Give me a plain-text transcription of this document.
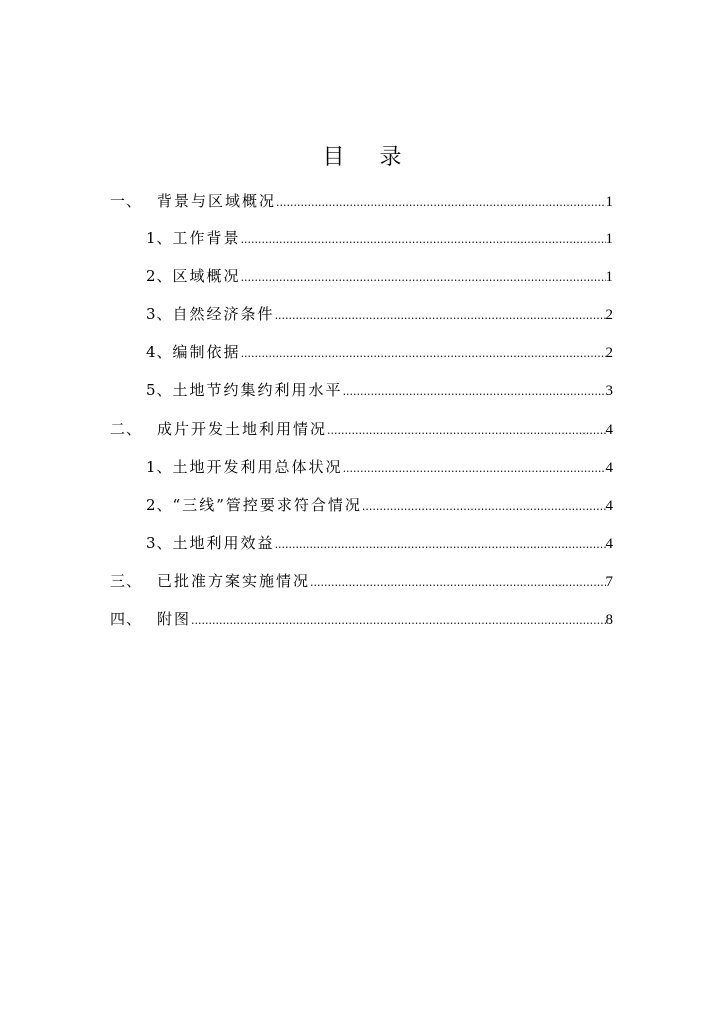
目 录
一、 背景与区域概况 .....	1
1、 工作背景 .....	1
2、 区域概况 .....	1
3、 自然经济条件 .....	2
4、 编制依据 .....	2
5、 土地节约集约利用水平 .....	3
二、 成片开发土地利用情况 .....	4
1、 土地开发利用总体状况 .....	4
2、 “三线”管控要求符合情况 .....	4
3、 土地利用效益 .....	4
三、 已批准方案实施情况 .....	7
四、 附图 .....	8
